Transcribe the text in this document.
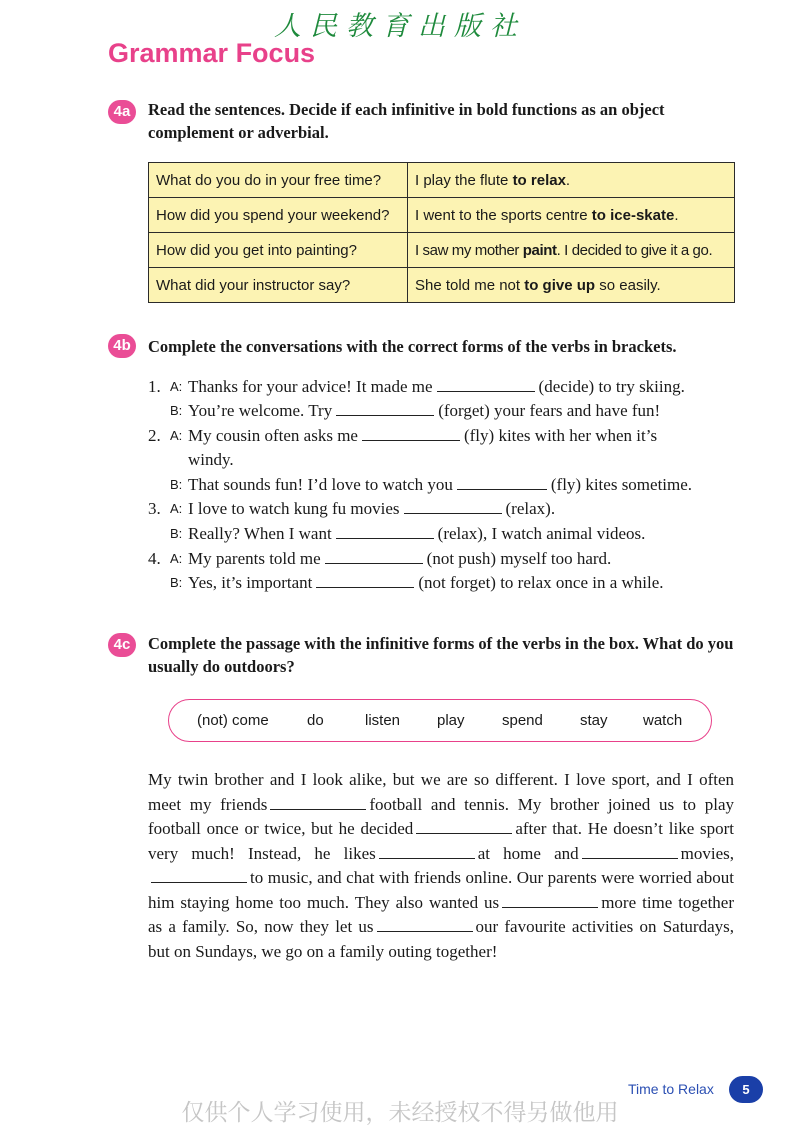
人民教育出版社
Grammar Focus
4a	Read the sentences. Decide if each infinitive in bold functions as an object complement or adverbial.
What do you do in your free time?	I play the flute to relax.
How did you spend your weekend?	I went to the sports centre to ice-skate.
How did you get into painting?	I saw my mother paint. I decided to give it a go.
What did your instructor say?	She told me not to give up so easily.
4b	Complete the conversations with the correct forms of the verbs in brackets.
1. A: Thanks for your advice! It made me	(decide) to try skiing.
B: You’re welcome. Try	(forget) your fears and have fun!
2. A: My cousin often asks me	(fly) kites with her when it’s
windy.
B: That sounds fun! I’d love to watch you	(fly) kites sometime.
3. A: I love to watch kung fu movies	(relax).
B: Really? When I want	(relax), I watch animal videos.
4. A: My parents told me	(not push) myself too hard.
B: Yes, it’s important	(not forget) to relax once in a while.
4c	Complete the passage with the infinitive forms of the verbs in the box. What do you usually do outdoors?
(not) come	do	listen play spend stay watch
My twin brother and I look alike, but we are so different. I love sport, and I often meet my friends	football and tennis. My brother joined us to play football once or twice, but he decided	after that. He doesn’t like sport very much! Instead, he likes	at home and	movies,to music, and chat with friends online. Our parents were worried about him staying home too much. They also wanted us	more time together as a family. So, now they let us	our favourite activities on Saturdays, but on Sundays, we go on a family outing together!
Time to Relax	5
仅供个人学习使用，未经授权不得另做他用
